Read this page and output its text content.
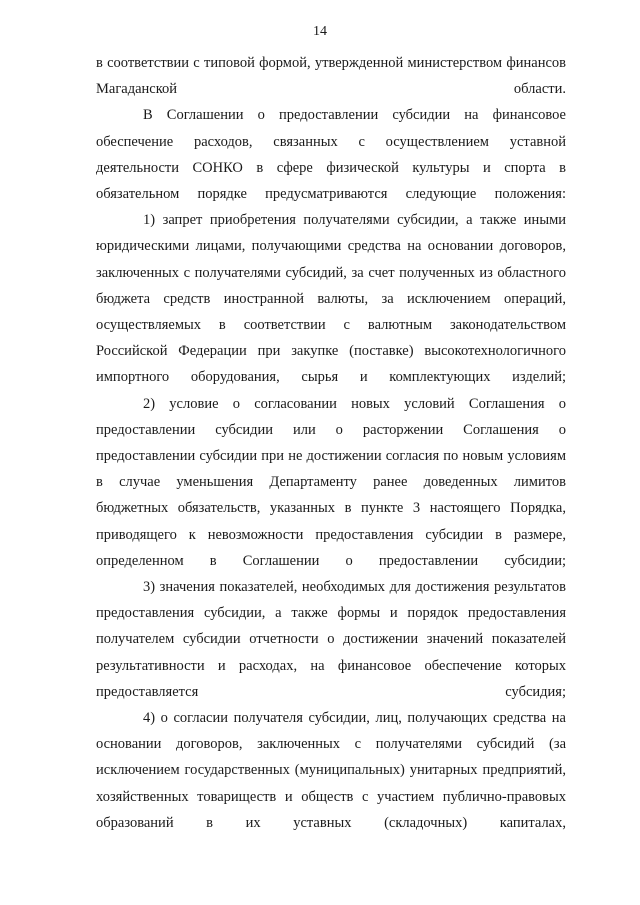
14

в соответствии с типовой формой, утвержденной министерством финансов Магаданской области.

В Соглашении о предоставлении субсидии на финансовое обеспечение расходов, связанных с осуществлением уставной деятельности СОНКО в сфере физической культуры и спорта в обязательном порядке предусматриваются следующие положения:

1) запрет приобретения получателями субсидии, а также иными юридическими лицами, получающими средства на основании договоров, заключенных с получателями субсидий, за счет полученных из областного бюджета средств иностранной валюты, за исключением операций, осуществляемых в соответствии с валютным законодательством Российской Федерации при закупке (поставке) высокотехнологичного импортного оборудования, сырья и комплектующих изделий;

2) условие о согласовании новых условий Соглашения о предоставлении субсидии или о расторжении Соглашения о предоставлении субсидии при не достижении согласия по новым условиям в случае уменьшения Департаменту ранее доведенных лимитов бюджетных обязательств, указанных в пункте 3 настоящего Порядка, приводящего к невозможности предоставления субсидии в размере, определенном в Соглашении о предоставлении субсидии;

3) значения показателей, необходимых для достижения результатов предоставления субсидии, а также формы и порядок предоставления получателем субсидии отчетности о достижении значений показателей результативности и расходах, на финансовое обеспечение которых предоставляется субсидия;

4) о согласии получателя субсидии, лиц, получающих средства на основании договоров, заключенных с получателями субсидий (за исключением государственных (муниципальных) унитарных предприятий, хозяйственных товариществ и обществ с участием публично-правовых образований в их уставных (складочных) капиталах,
